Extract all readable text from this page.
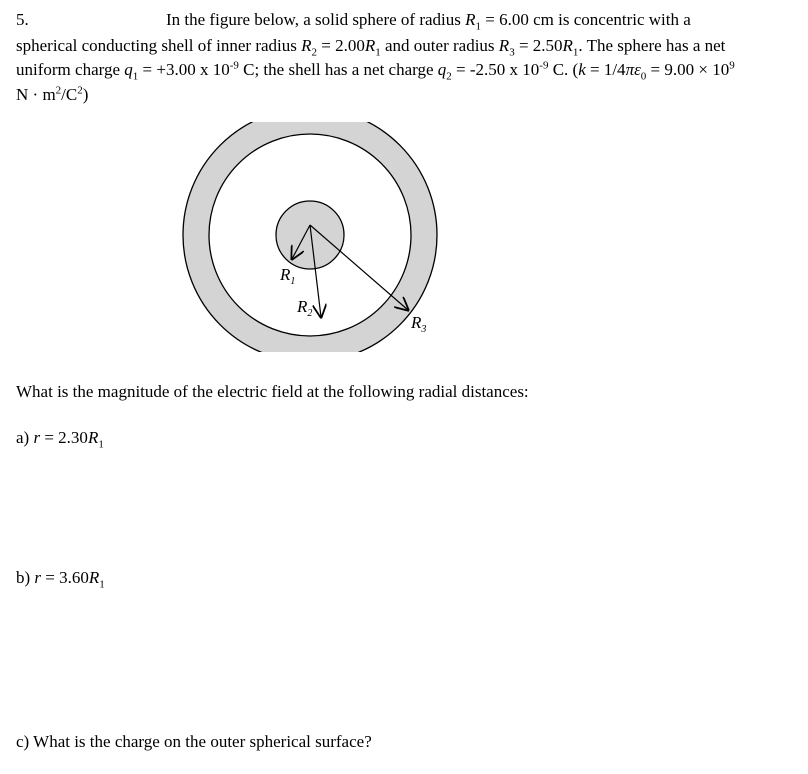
5.	In the figure below, a solid sphere of radius $R_1 = 6.00$ cm is concentric with a
spherical conducting shell of inner radius $R_2 = 2.00R_1$ and outer radius $R_3 = 2.50R_1$. The sphere has a net
uniform charge $q_1 = +3.00$ x $10^{-9}$ C; the shell has a net charge $q_2 = -2.50$ x $10^{-9}$ C. ($k = 1/4\pi\varepsilon_0 = 9.00 \times 10^9$
$N \cdot m^2/C^2$)
$R_1$
$R_2$	$R_3$
What is the magnitude of the electric field at the following radial distances:
a) $r = 2.30R_1$
b) $r = 3.60R_1$
c) What is the charge on the outer spherical surface?
